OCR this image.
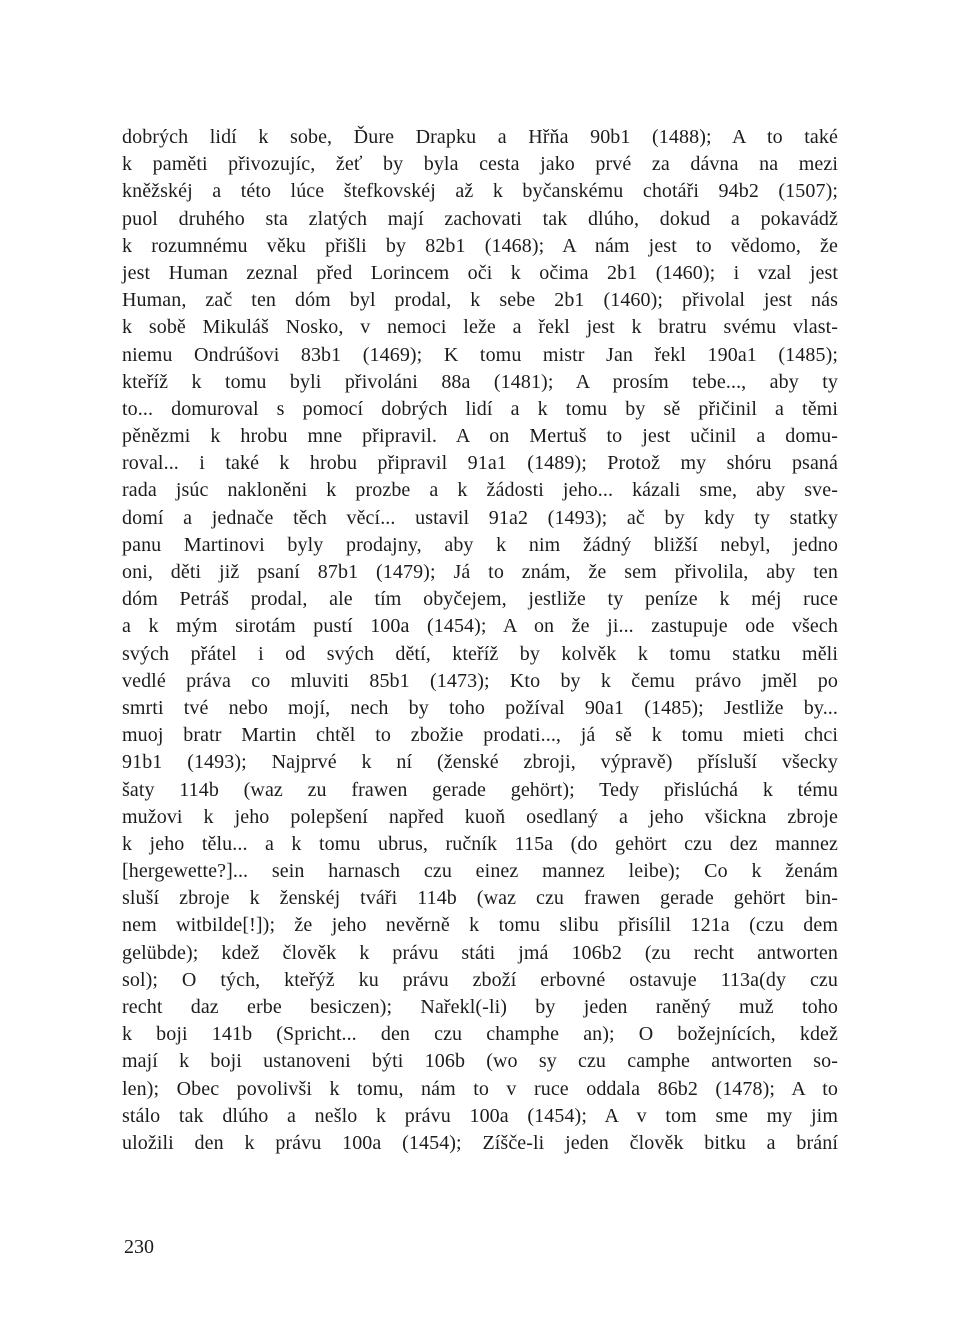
dobrých lidí k sobe, Ďure Drapku a Hřňa 90b1 (1488); A to také
k paměti přivozujíc, žeť by byla cesta jako prvé za dávna na mezi
kněžskéj a této lúce štefkovskéj až k byčanskému chotáři 94b2 (1507);
puol druhého sta zlatých mají zachovati tak dlúho, dokud a pokavádž
k rozumnému věku přišli by 82b1 (1468); A nám jest to vědomo, že
jest Human zeznal před Lorincem oči k očima 2b1 (1460); i vzal jest
Human, zač ten dóm byl prodal, k sebe 2b1 (1460); přivolal jest nás
k sobě Mikuláš Nosko, v nemoci leže a řekl jest k bratru svému vlast-
niemu Ondrúšovi 83b1 (1469); K tomu mistr Jan řekl 190a1 (1485);
kteříž k tomu byli přivoláni 88a (1481); A prosím tebe..., aby ty
to... domuroval s pomocí dobrých lidí a k tomu by sě přičinil a těmi
pěnězmi k hrobu mne připravil. A on Mertuš to jest učinil a domu-
roval... i také k hrobu připravil 91a1 (1489); Protož my shóru psaná
rada jsúc nakloněni k prozbe a k žádosti jeho... kázali sme, aby sve-
domí a jednače těch věcí... ustavil 91a2 (1493); ač by kdy ty statky
panu Martinovi byly prodajny, aby k nim žádný bližší nebyl, jedno
oni, děti již psaní 87b1 (1479); Já to znám, že sem přivolila, aby ten
dóm Petráš prodal, ale tím obyčejem, jestliže ty peníze k méj ruce
a k mým sirotám pustí 100a (1454); A on že ji... zastupuje ode všech
svých přátel i od svých dětí, kteříž by kolvěk k tomu statku měli
vedlé práva co mluviti 85b1 (1473); Kto by k čemu právo jměl po
smrti tvé nebo mojí, nech by toho požíval 90a1 (1485); Jestliže by...
muoj bratr Martin chtěl to zbožie prodati..., já sě k tomu mieti chci
91b1 (1493); Najprvé k ní (ženské zbroji, výpravě) přísluší všecky
šaty 114b (waz zu frawen gerade gehört); Tedy přislúchá k tému
mužovi k jeho polepšení napřed kuoň osedlaný a jeho všickna zbroje
k jeho tělu... a k tomu ubrus, ručník 115a (do gehört czu dez mannez
[hergewette?]... sein harnasch czu einez mannez leibe); Co k ženám
sluší zbroje k ženskéj tváři 114b (waz czu frawen gerade gehört bin-
nem witbilde[!]); že jeho nevěrně k tomu slibu přisílil 121a (czu dem
gelübde); kdež člověk k právu státi jmá 106b2 (zu recht antworten
sol); O tých, kteřýž ku právu zboží erbovné ostavuje 113a(dy czu
recht daz erbe besiczen); Nařekl(-li) by jeden raněný muž toho
k boji 141b (Spricht... den czu champhe an); O božejnících, kdež
mají k boji ustanoveni býti 106b (wo sy czu camphe antworten so-
len); Obec povolivši k tomu, nám to v ruce oddala 86b2 (1478); A to
stálo tak dlúho a nešlo k právu 100a (1454); A v tom sme my jim
uložili den k právu 100a (1454); Zíšče-li jeden člověk bitku a brání
230
